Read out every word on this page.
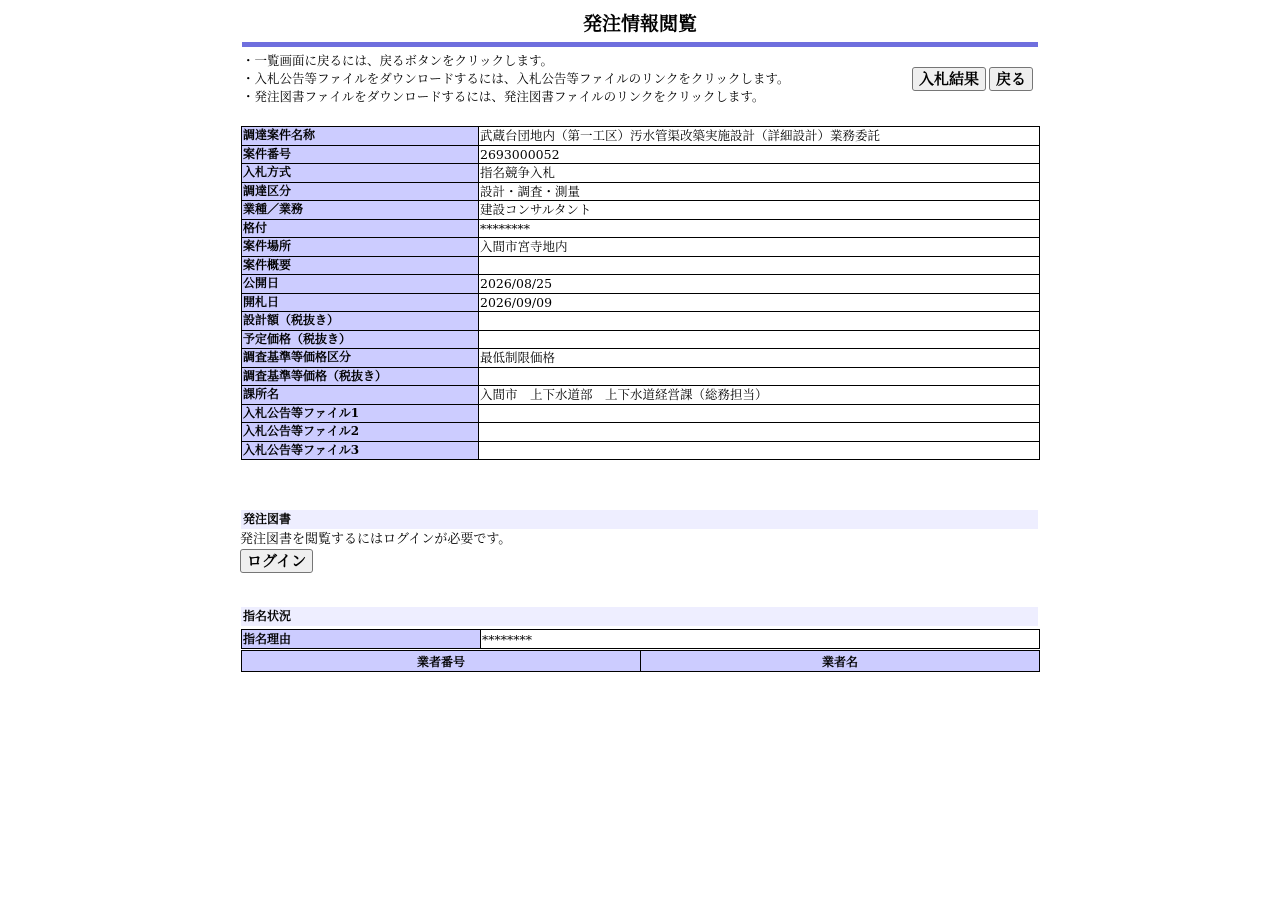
発注情報閲覧
・一覧画面に戻るには、戻るボタンをクリックします。
・入札公告等ファイルをダウンロードするには、入札公告等ファイルのリンクをクリックします。
・発注図書ファイルをダウンロードするには、発注図書ファイルのリンクをクリックします。
入札結果	戻る
調達案件名称	武蔵台団地内（第一工区）汚水管渠改築実施設計（詳細設計）業務委託
案件番号	2693000052
入札方式	指名競争入札
調達区分	設計・調査・測量
業種／業務	建設コンサルタント
格付	********
案件場所	入間市宮寺地内
案件概要	
公開日	2026/08/25
開札日	2026/09/09
設計額（税抜き）	
予定価格（税抜き）	
調査基準等価格区分	最低制限価格
調査基準等価格（税抜き）	
課所名	入間市　上下水道部　上下水道経営課（総務担当）
入札公告等ファイル1	
入札公告等ファイル2	
入札公告等ファイル3	
発注図書
発注図書を閲覧するにはログインが必要です。
ログイン
指名状況
指名理由	********
業者番号	業者名
